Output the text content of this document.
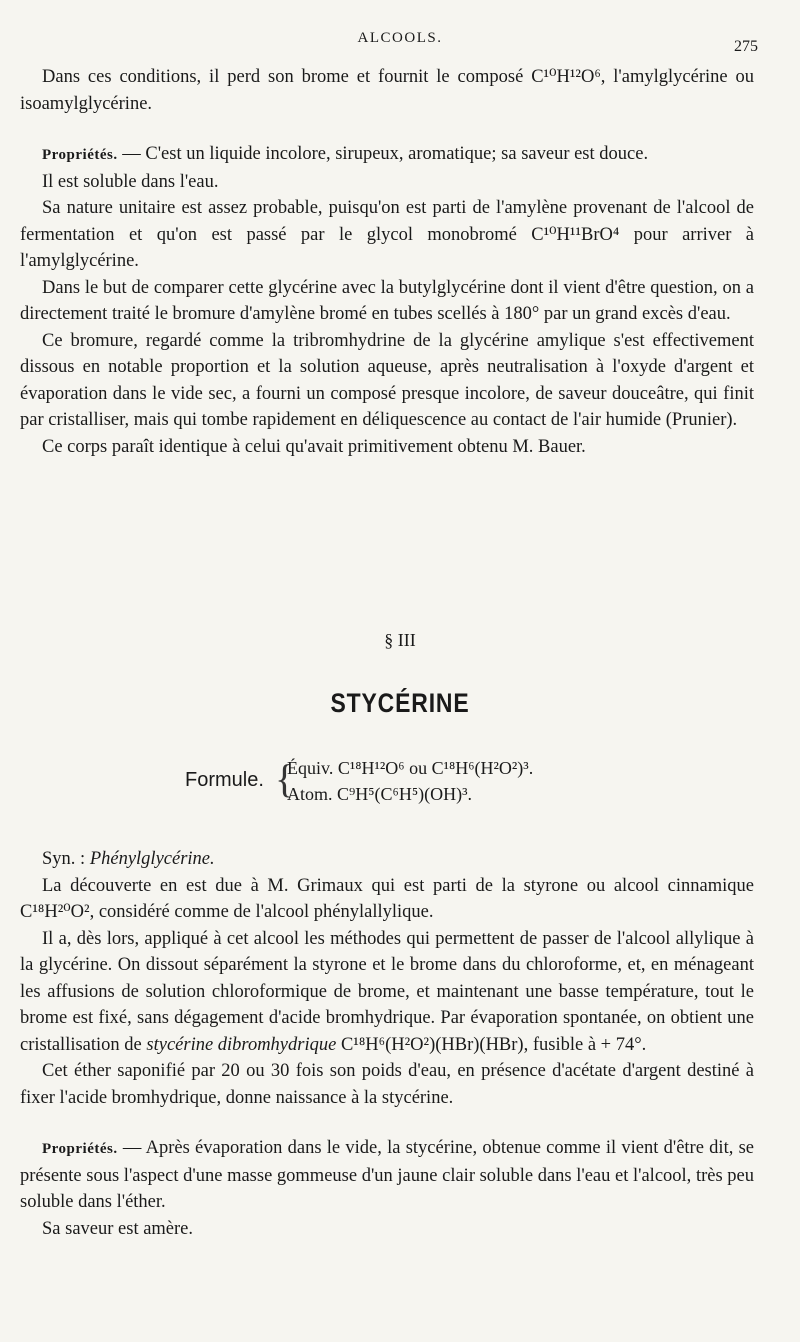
ALCOOLS.	275

Dans ces conditions, il perd son brome et fournit le composé C¹⁰H¹²O⁶, l'amylglycérine ou isoamylglycérine.

Propriétés. — C'est un liquide incolore, sirupeux, aromatique; sa saveur est douce.

Il est soluble dans l'eau.

Sa nature unitaire est assez probable, puisqu'on est parti de l'amylène provenant de l'alcool de fermentation et qu'on est passé par le glycol monobromé C¹⁰H¹¹BrO⁴ pour arriver à l'amylglycérine.

Dans le but de comparer cette glycérine avec la butylglycérine dont il vient d'être question, on a directement traité le bromure d'amylène bromé en tubes scellés à 180° par un grand excès d'eau.

Ce bromure, regardé comme la tribromhydrine de la glycérine amylique s'est effectivement dissous en notable proportion et la solution aqueuse, après neutralisation à l'oxyde d'argent et évaporation dans le vide sec, a fourni un composé presque incolore, de saveur douceâtre, qui finit par cristalliser, mais qui tombe rapidement en déliquescence au contact de l'air humide (Prunier).

Ce corps paraît identique à celui qu'avait primitivement obtenu M. Bauer.

§ III
STYCÉRINE
Formule. {
Équiv. C¹⁸H¹²O⁶ ou C¹⁸H⁶(H²O²)³.
Atom. C⁹H⁵(C⁶H⁵)(OH)³.

Syn. : Phénylglycérine.

La découverte en est due à M. Grimaux qui est parti de la styrone ou alcool cinnamique C¹⁸H²⁰O², considéré comme de l'alcool phénylallylique.

Il a, dès lors, appliqué à cet alcool les méthodes qui permettent de passer de l'alcool allylique à la glycérine. On dissout séparément la styrone et le brome dans du chloroforme, et, en ménageant les affusions de solution chloroformique de brome, et maintenant une basse température, tout le brome est fixé, sans dégagement d'acide bromhydrique. Par évaporation spontanée, on obtient une cristallisation de stycérine dibromhydrique C¹⁸H⁶(H²O²)(HBr)(HBr), fusible à + 74°.

Cet éther saponifié par 20 ou 30 fois son poids d'eau, en présence d'acétate d'argent destiné à fixer l'acide bromhydrique, donne naissance à la stycérine.

Propriétés. — Après évaporation dans le vide, la stycérine, obtenue comme il vient d'être dit, se présente sous l'aspect d'une masse gommeuse d'un jaune clair soluble dans l'eau et l'alcool, très peu soluble dans l'éther.

Sa saveur est amère.
